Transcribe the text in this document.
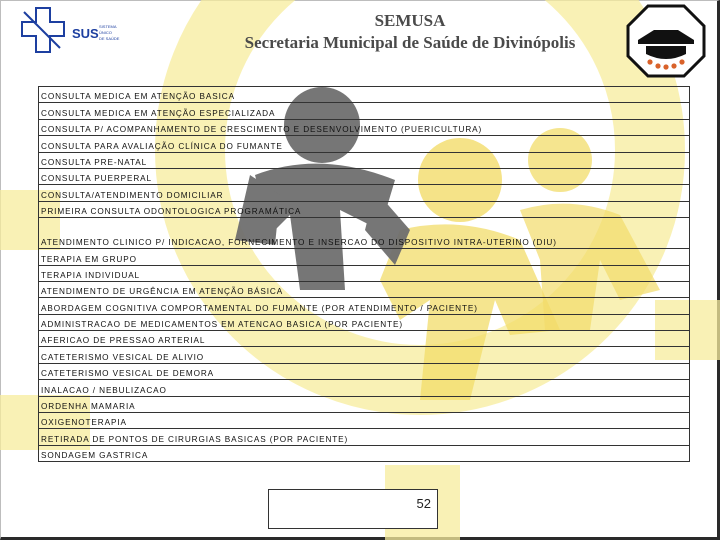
SUS SISTEMA
ÚNICO
DE SAÚDE
SEMUSA
Secretaria Municipal de Saúde de Divinópolis
CONSULTA MEDICA EM ATENÇÃO BASICA
CONSULTA MEDICA EM ATENÇÃO ESPECIALIZADA
CONSULTA P/ ACOMPANHAMENTO DE CRESCIMENTO E DESENVOLVIMENTO (PUERICULTURA)
CONSULTA PARA AVALIAÇÃO CLÍNICA DO FUMANTE
CONSULTA PRE-NATAL
CONSULTA PUERPERAL
CONSULTA/ATENDIMENTO DOMICILIAR
PRIMEIRA CONSULTA ODONTOLOGICA PROGRAMÁTICA
ATENDIMENTO CLINICO P/ INDICACAO, FORNECIMENTO E INSERCAO DO DISPOSITIVO INTRA-UTERINO (DIU)
TERAPIA EM GRUPO
TERAPIA INDIVIDUAL
ATENDIMENTO DE URGÊNCIA EM ATENÇÃO BÁSICA
ABORDAGEM COGNITIVA COMPORTAMENTAL DO FUMANTE (POR ATENDIMENTO / PACIENTE)
ADMINISTRACAO DE MEDICAMENTOS EM ATENCAO BASICA (POR PACIENTE)
AFERICAO DE PRESSAO ARTERIAL
CATETERISMO VESICAL DE ALIVIO
CATETERISMO VESICAL DE DEMORA
INALACAO / NEBULIZACAO
ORDENHA MAMARIA
OXIGENOTERAPIA
RETIRADA DE PONTOS DE CIRURGIAS BASICAS (POR PACIENTE)
SONDAGEM GASTRICA
52
